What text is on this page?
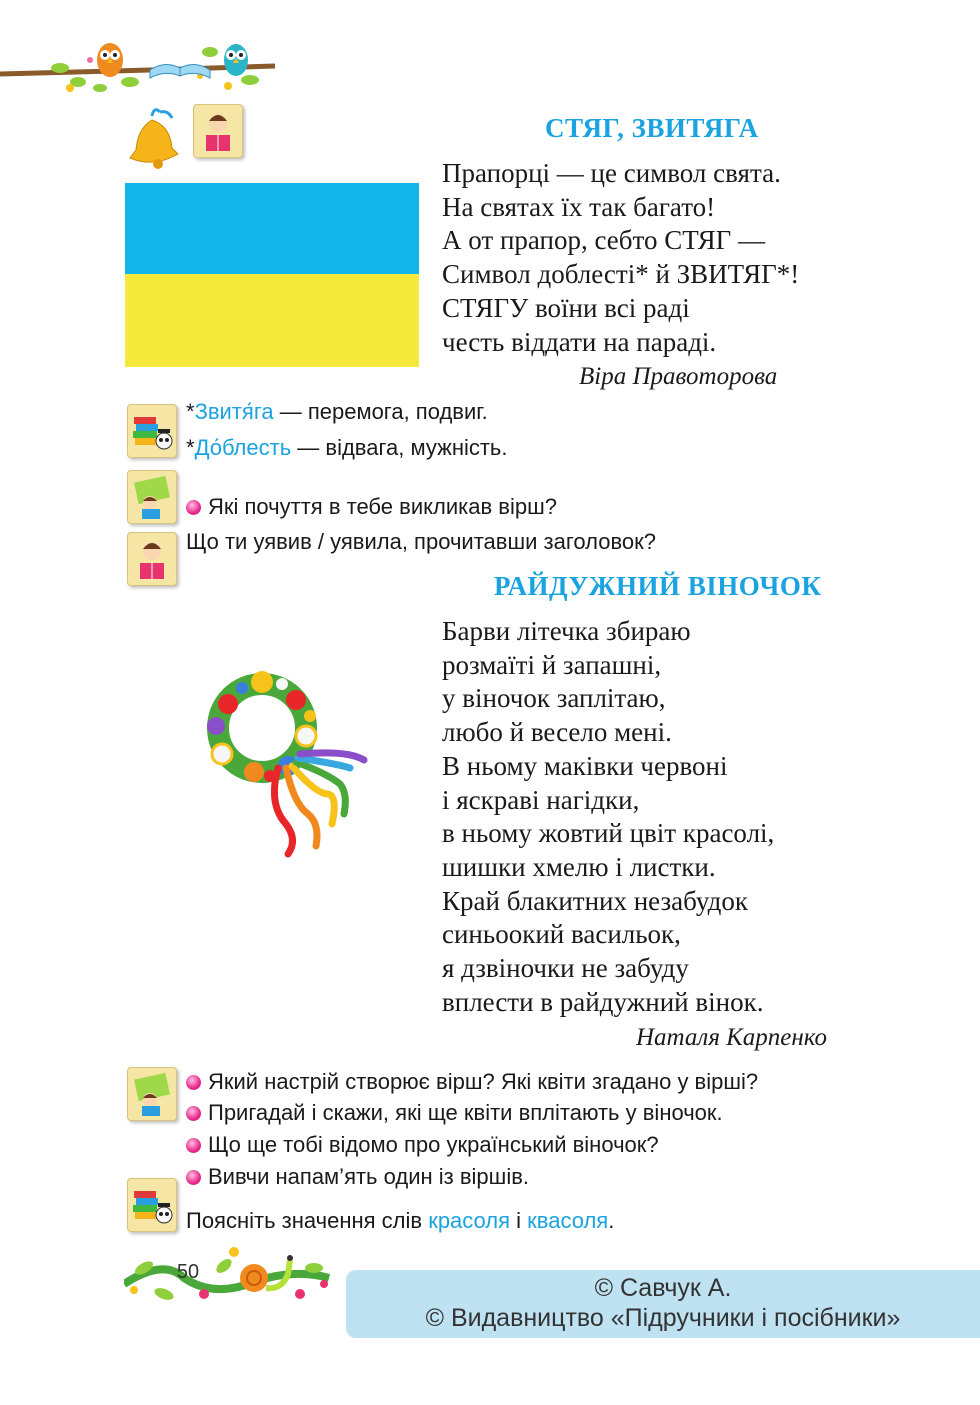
СТЯГ, ЗВИТЯГА
Прапорці — це символ свята.
На святах їх так багато!
А от прапор, себто СТЯГ —
Символ доблесті* й ЗВИТЯГ*!
СТЯГУ воїни всі раді
честь віддати на параді.
Віра Правоторова
*Звитя́га — перемога, подвиг.
*До́блесть — відвага, мужність.
Які почуття в тебе викликав вірш?
Що ти уявив / уявила, прочитавши заголовок?
РАЙДУЖНИЙ ВІНОЧОК
Барви літечка збираю
розмаїті й запашні,
у віночок заплітаю,
любо й весело мені.
В ньому маківки червоні
і яскраві нагідки,
в ньому жовтий цвіт красолі,
шишки хмелю і листки.
Край блакитних незабудок
синьоокий васильок,
я дзвіночки не забуду
вплести в райдужний вінок.
Наталя Карпенко
Який настрій створює вірш? Які квіти згадано у вірші?
Пригадай і скажи, які ще квіти вплітають у віночок.
Що ще тобі відомо про український віночок?
Вивчи напам’ять один із віршів.
Поясніть значення слів красоля і квасоля.
50
© Савчук А.
© Видавництво «Підручники і посібники»
